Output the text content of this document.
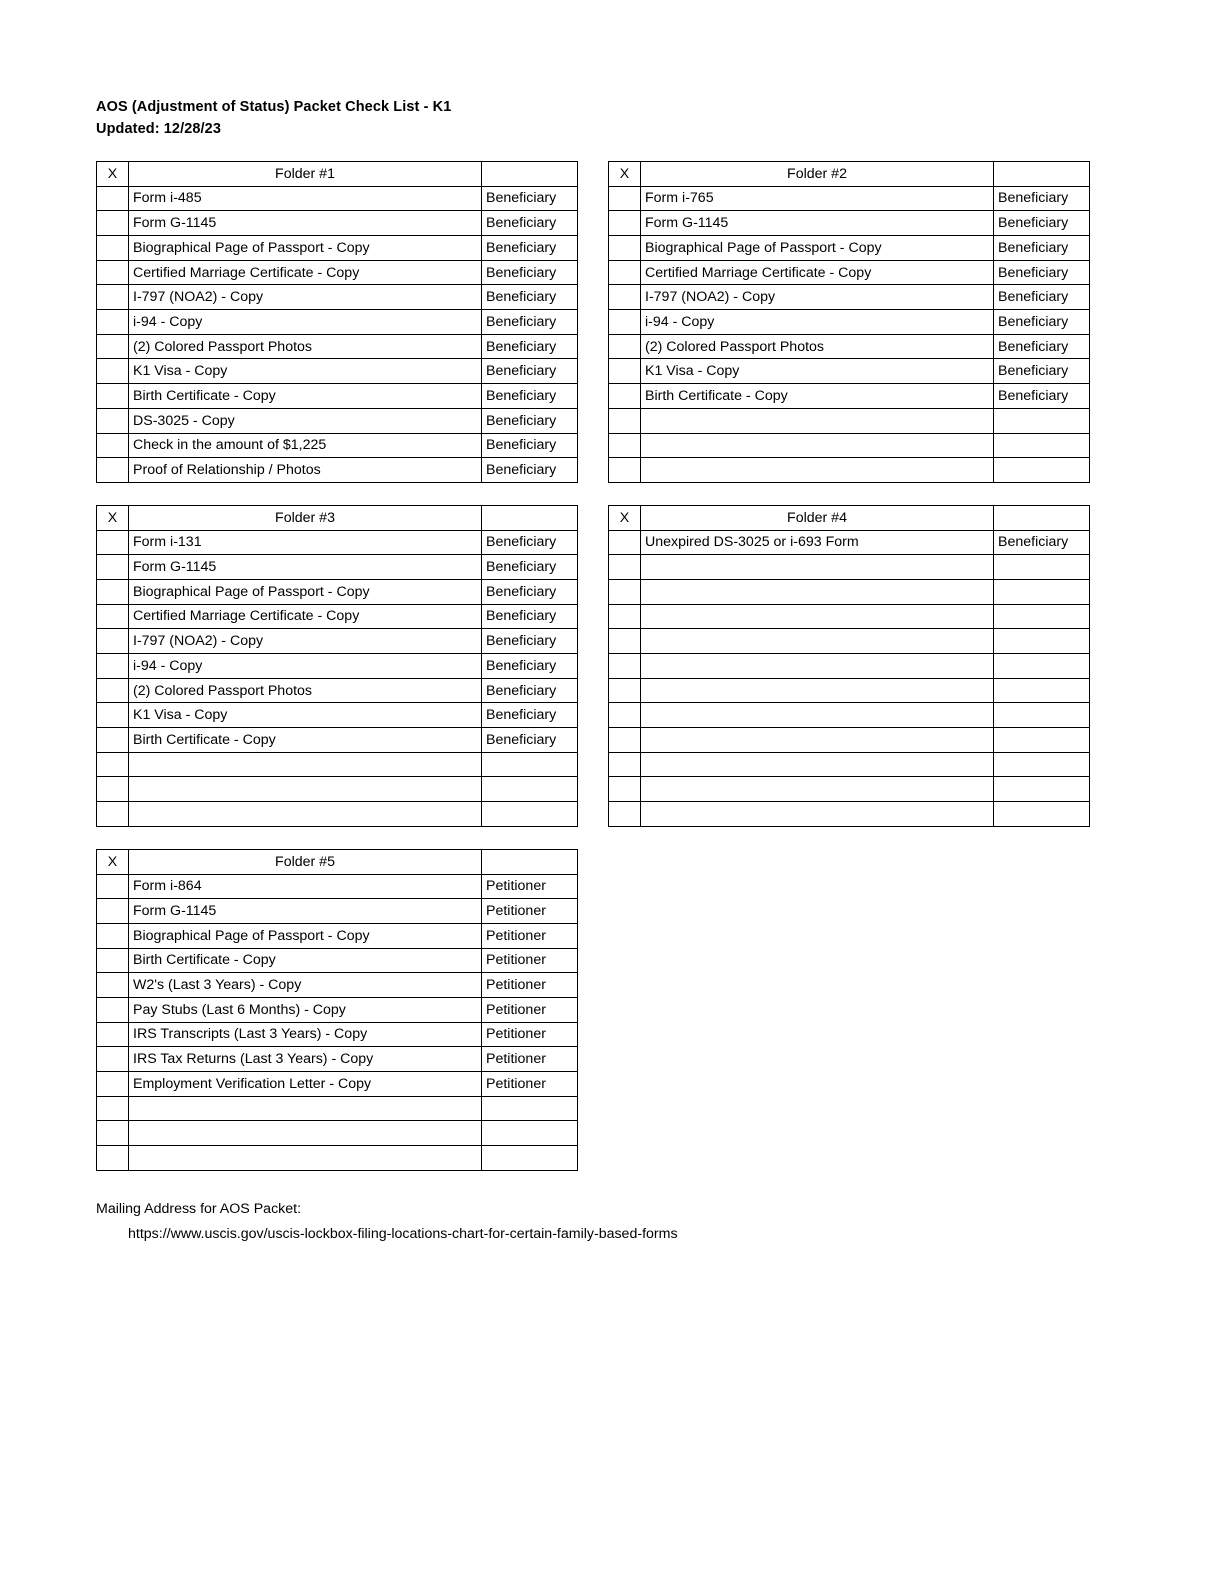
AOS (Adjustment of Status) Packet Check List - K1
Updated: 12/28/23
X	Folder #1	
	Form i-485	Beneficiary
	Form G-1145	Beneficiary
	Biographical Page of Passport - Copy	Beneficiary
	Certified Marriage Certificate - Copy	Beneficiary
	I-797 (NOA2) - Copy	Beneficiary
	i-94 - Copy	Beneficiary
	(2) Colored Passport Photos	Beneficiary
	K1 Visa - Copy	Beneficiary
	Birth Certificate - Copy	Beneficiary
	DS-3025 - Copy	Beneficiary
	Check in the amount of $1,225	Beneficiary
	Proof of Relationship / Photos	Beneficiary
X	Folder #2	
	Form i-765	Beneficiary
	Form G-1145	Beneficiary
	Biographical Page of Passport - Copy	Beneficiary
	Certified Marriage Certificate - Copy	Beneficiary
	I-797 (NOA2) - Copy	Beneficiary
	i-94 - Copy	Beneficiary
	(2) Colored Passport Photos	Beneficiary
	K1 Visa - Copy	Beneficiary
	Birth Certificate - Copy	Beneficiary

X	Folder #3	
	Form i-131	Beneficiary
	Form G-1145	Beneficiary
	Biographical Page of Passport - Copy	Beneficiary
	Certified Marriage Certificate - Copy	Beneficiary
	I-797 (NOA2) - Copy	Beneficiary
	i-94 - Copy	Beneficiary
	(2) Colored Passport Photos	Beneficiary
	K1 Visa - Copy	Beneficiary
	Birth Certificate - Copy	Beneficiary

X	Folder #4	
	Unexpired DS-3025 or i-693 Form	Beneficiary

X	Folder #5	
	Form i-864	Petitioner
	Form G-1145	Petitioner
	Biographical Page of Passport - Copy	Petitioner
	Birth Certificate - Copy	Petitioner
	W2's (Last 3 Years) - Copy	Petitioner
	Pay Stubs (Last 6 Months) - Copy	Petitioner
	IRS Transcripts (Last 3 Years) - Copy	Petitioner
	IRS Tax Returns (Last 3 Years) - Copy	Petitioner
	Employment Verification Letter - Copy	Petitioner

Mailing Address for AOS Packet:
https://www.uscis.gov/uscis-lockbox-filing-locations-chart-for-certain-family-based-forms
